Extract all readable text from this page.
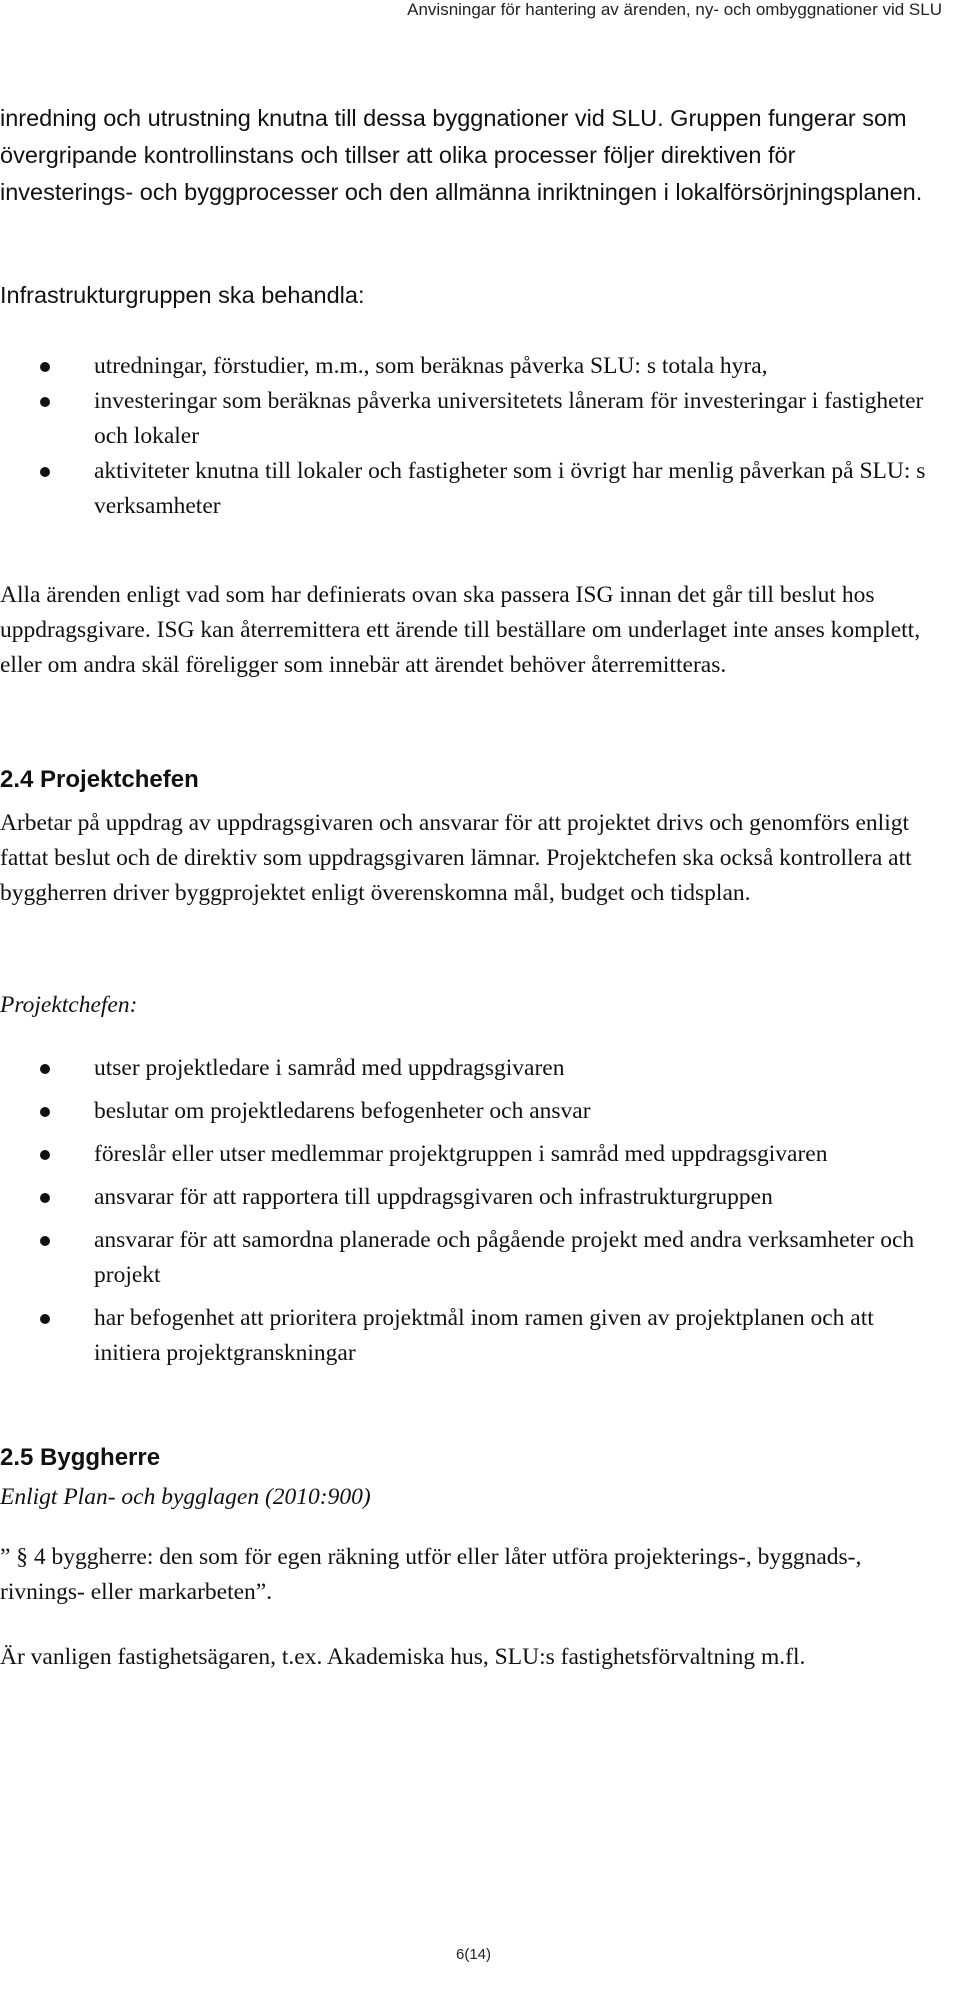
Anvisningar för hantering av ärenden, ny- och ombyggnationer vid SLU

inredning och utrustning knutna till dessa byggnationer vid SLU. Gruppen fungerar som övergripande kontrollinstans och tillser att olika processer följer direktiven för investerings- och byggprocesser och den allmänna inriktningen i lokalförsörjningsplanen.

Infrastrukturgruppen ska behandla:

utredningar, förstudier, m.m., som beräknas påverka SLU: s totala hyra,
investeringar som beräknas påverka universitetets låneram för investeringar i fastigheter och lokaler
aktiviteter knutna till lokaler och fastigheter som i övrigt har menlig påverkan på SLU: s verksamheter

Alla ärenden enligt vad som har definierats ovan ska passera ISG innan det går till beslut hos uppdragsgivare. ISG kan återremittera ett ärende till beställare om underlaget inte anses komplett, eller om andra skäl föreligger som innebär att ärendet behöver återremitteras.

2.4 Projektchefen

Arbetar på uppdrag av uppdragsgivaren och ansvarar för att projektet drivs och genomförs enligt fattat beslut och de direktiv som uppdragsgivaren lämnar. Projektchefen ska också kontrollera att byggherren driver byggprojektet enligt överenskomna mål, budget och tidsplan.

Projektchefen:

utser projektledare i samråd med uppdragsgivaren
beslutar om projektledarens befogenheter och ansvar
föreslår eller utser medlemmar projektgruppen i samråd med uppdragsgivaren
ansvarar för att rapportera till uppdragsgivaren och infrastrukturgruppen
ansvarar för att samordna planerade och pågående projekt med andra verksamheter och projekt
har befogenhet att prioritera projektmål inom ramen given av projektplanen och att initiera projektgranskningar
2.5 Byggherre

Enligt Plan- och bygglagen (2010:900)

” § 4 byggherre: den som för egen räkning utför eller låter utföra projekterings-, byggnads-, rivnings- eller markarbeten”.

Är vanligen fastighetsägaren, t.ex. Akademiska hus, SLU:s fastighetsförvaltning m.fl.

6(14)
